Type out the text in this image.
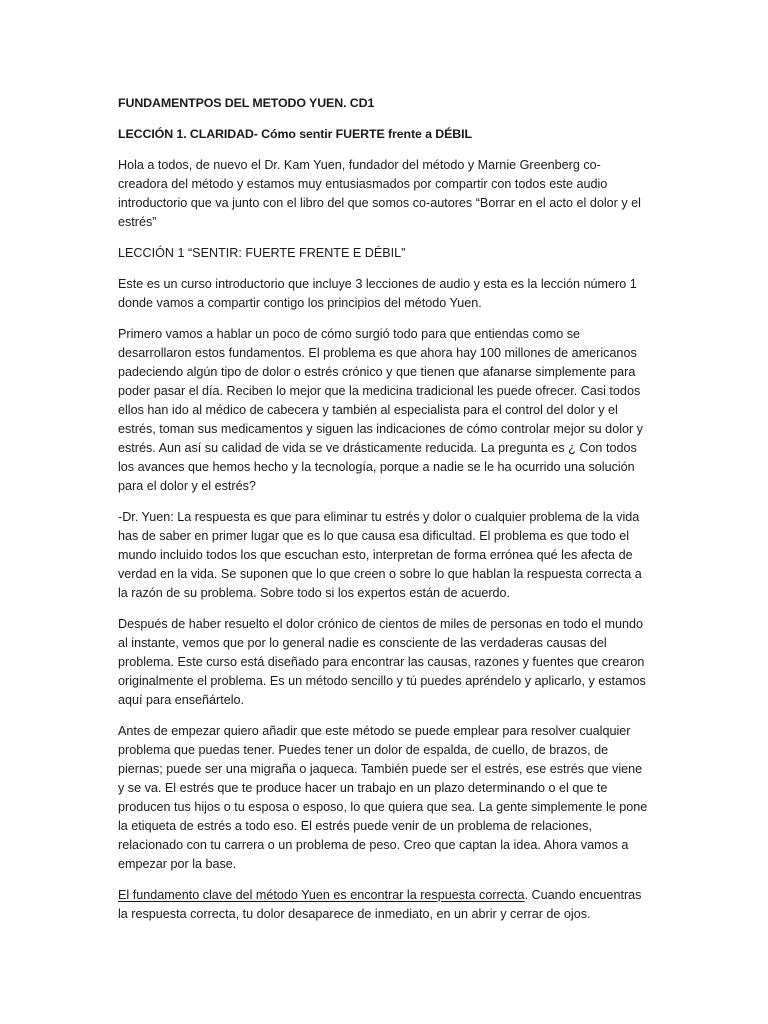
FUNDAMENTPOS DEL METODO YUEN. CD1

LECCIÓN 1. CLARIDAD- Cómo sentir FUERTE frente a DÉBIL

Hola a todos, de nuevo el Dr. Kam Yuen, fundador del método y Marnie Greenberg co-creadora del método y estamos muy entusiasmados por compartir con todos este audio introductorio que va junto con el libro del que somos co-autores “Borrar en el acto el dolor y el estrés”

LECCIÓN 1 “SENTIR: FUERTE FRENTE E DÉBIL”

Este es un curso introductorio que incluye 3 lecciones de audio y esta es la lección número 1 donde vamos a compartir contigo los principios del método Yuen.

Primero vamos a hablar un poco de cómo surgió todo para que entiendas como se desarrollaron estos fundamentos. El problema es que ahora hay 100 millones de americanos padeciendo algún tipo de dolor o estrés crónico y que tienen que afanarse simplemente para poder pasar el día. Reciben lo mejor que la medicina tradicional les puede ofrecer. Casi todos ellos han ido al médico de cabecera y también al especialista para el control del dolor y el estrés, toman sus medicamentos y siguen las indicaciones de cómo controlar mejor su dolor y estrés. Aun así su calidad de vida se ve drásticamente reducida. La pregunta es ¿ Con todos los avances que hemos hecho y la tecnología, porque a nadie se le ha ocurrido una solución para el dolor y el estrés?

-Dr. Yuen: La respuesta es que para eliminar tu estrés y dolor o cualquier problema de la vida has de saber en primer lugar que es lo que causa esa dificultad. El problema es que todo el mundo incluido todos los que escuchan esto, interpretan de forma errónea qué les afecta de verdad en la vida. Se suponen que lo que creen o sobre lo que hablan la respuesta correcta a la razón de su problema. Sobre todo si los expertos están de acuerdo.

Después de haber resuelto el dolor crónico de cientos de miles de personas en todo el mundo al instante, vemos que por lo general nadie es consciente de las verdaderas causas del problema. Este curso está diseñado para encontrar las causas, razones y fuentes que crearon originalmente el problema. Es un método sencillo y tú puedes apréndelo y aplicarlo, y estamos aquí para enseñártelo.

Antes de empezar quiero añadir que este método se puede emplear para resolver cualquier problema que puedas tener. Puedes tener un dolor de espalda, de cuello, de brazos, de piernas; puede ser una migraña o jaqueca. También puede ser el estrés, ese estrés que viene y se va. El estrés que te produce hacer un trabajo en un plazo determinando o el que te producen tus hijos o tu esposa o esposo, lo que quiera que sea. La gente simplemente le pone la etiqueta de estrés a todo eso. El estrés puede venir de un problema de relaciones, relacionado con tu carrera o un problema de peso. Creo que captan la idea. Ahora vamos a empezar por la base.

El fundamento clave del método Yuen es encontrar la respuesta correcta. Cuando encuentras la respuesta correcta, tu dolor desaparece de inmediato, en un abrir y cerrar de ojos.
